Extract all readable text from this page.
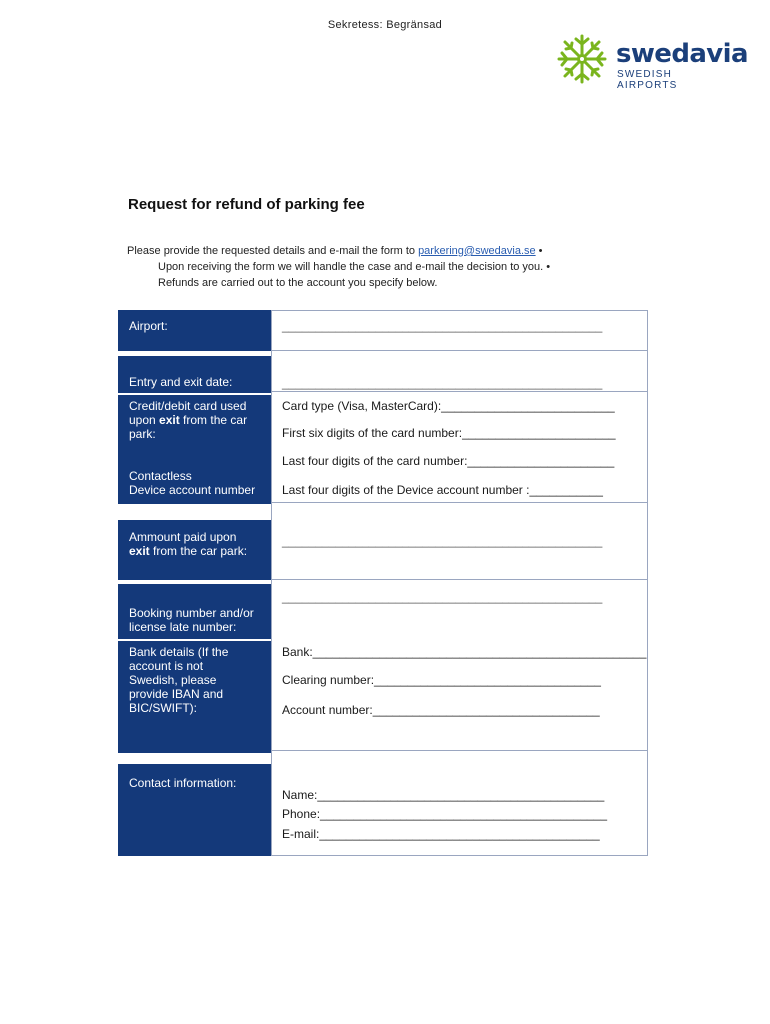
Sekretess: Begränsad
swedavia
SWEDISH AIRPORTS
Request for refund of parking fee
Please provide the requested details and e-mail the form to parkering@swedavia.se •
Upon receiving the form we will handle the case and e-mail the decision to you. •
Refunds are carried out to the account you specify below.
Airport:
Entry and exit date:
Credit/debit card used
upon exit from the car
park:
Contactless
Device account number
Ammount paid upon
exit from the car park:
Booking number and/or
license late number:
Bank details (If the
account is not
Swedish, please
provide IBAN and
BIC/SWIFT):
Contact information:
________________________________________________
________________________________________________
Card type (Visa, MasterCard):__________________________
First six digits of the card number:_______________________
Last four digits of the card number:______________________
Last four digits of the Device account number :___________
________________________________________________
________________________________________________
Bank:__________________________________________________
Clearing number:__________________________________
Account number:__________________________________
Name:___________________________________________
Phone:___________________________________________
E-mail:__________________________________________
